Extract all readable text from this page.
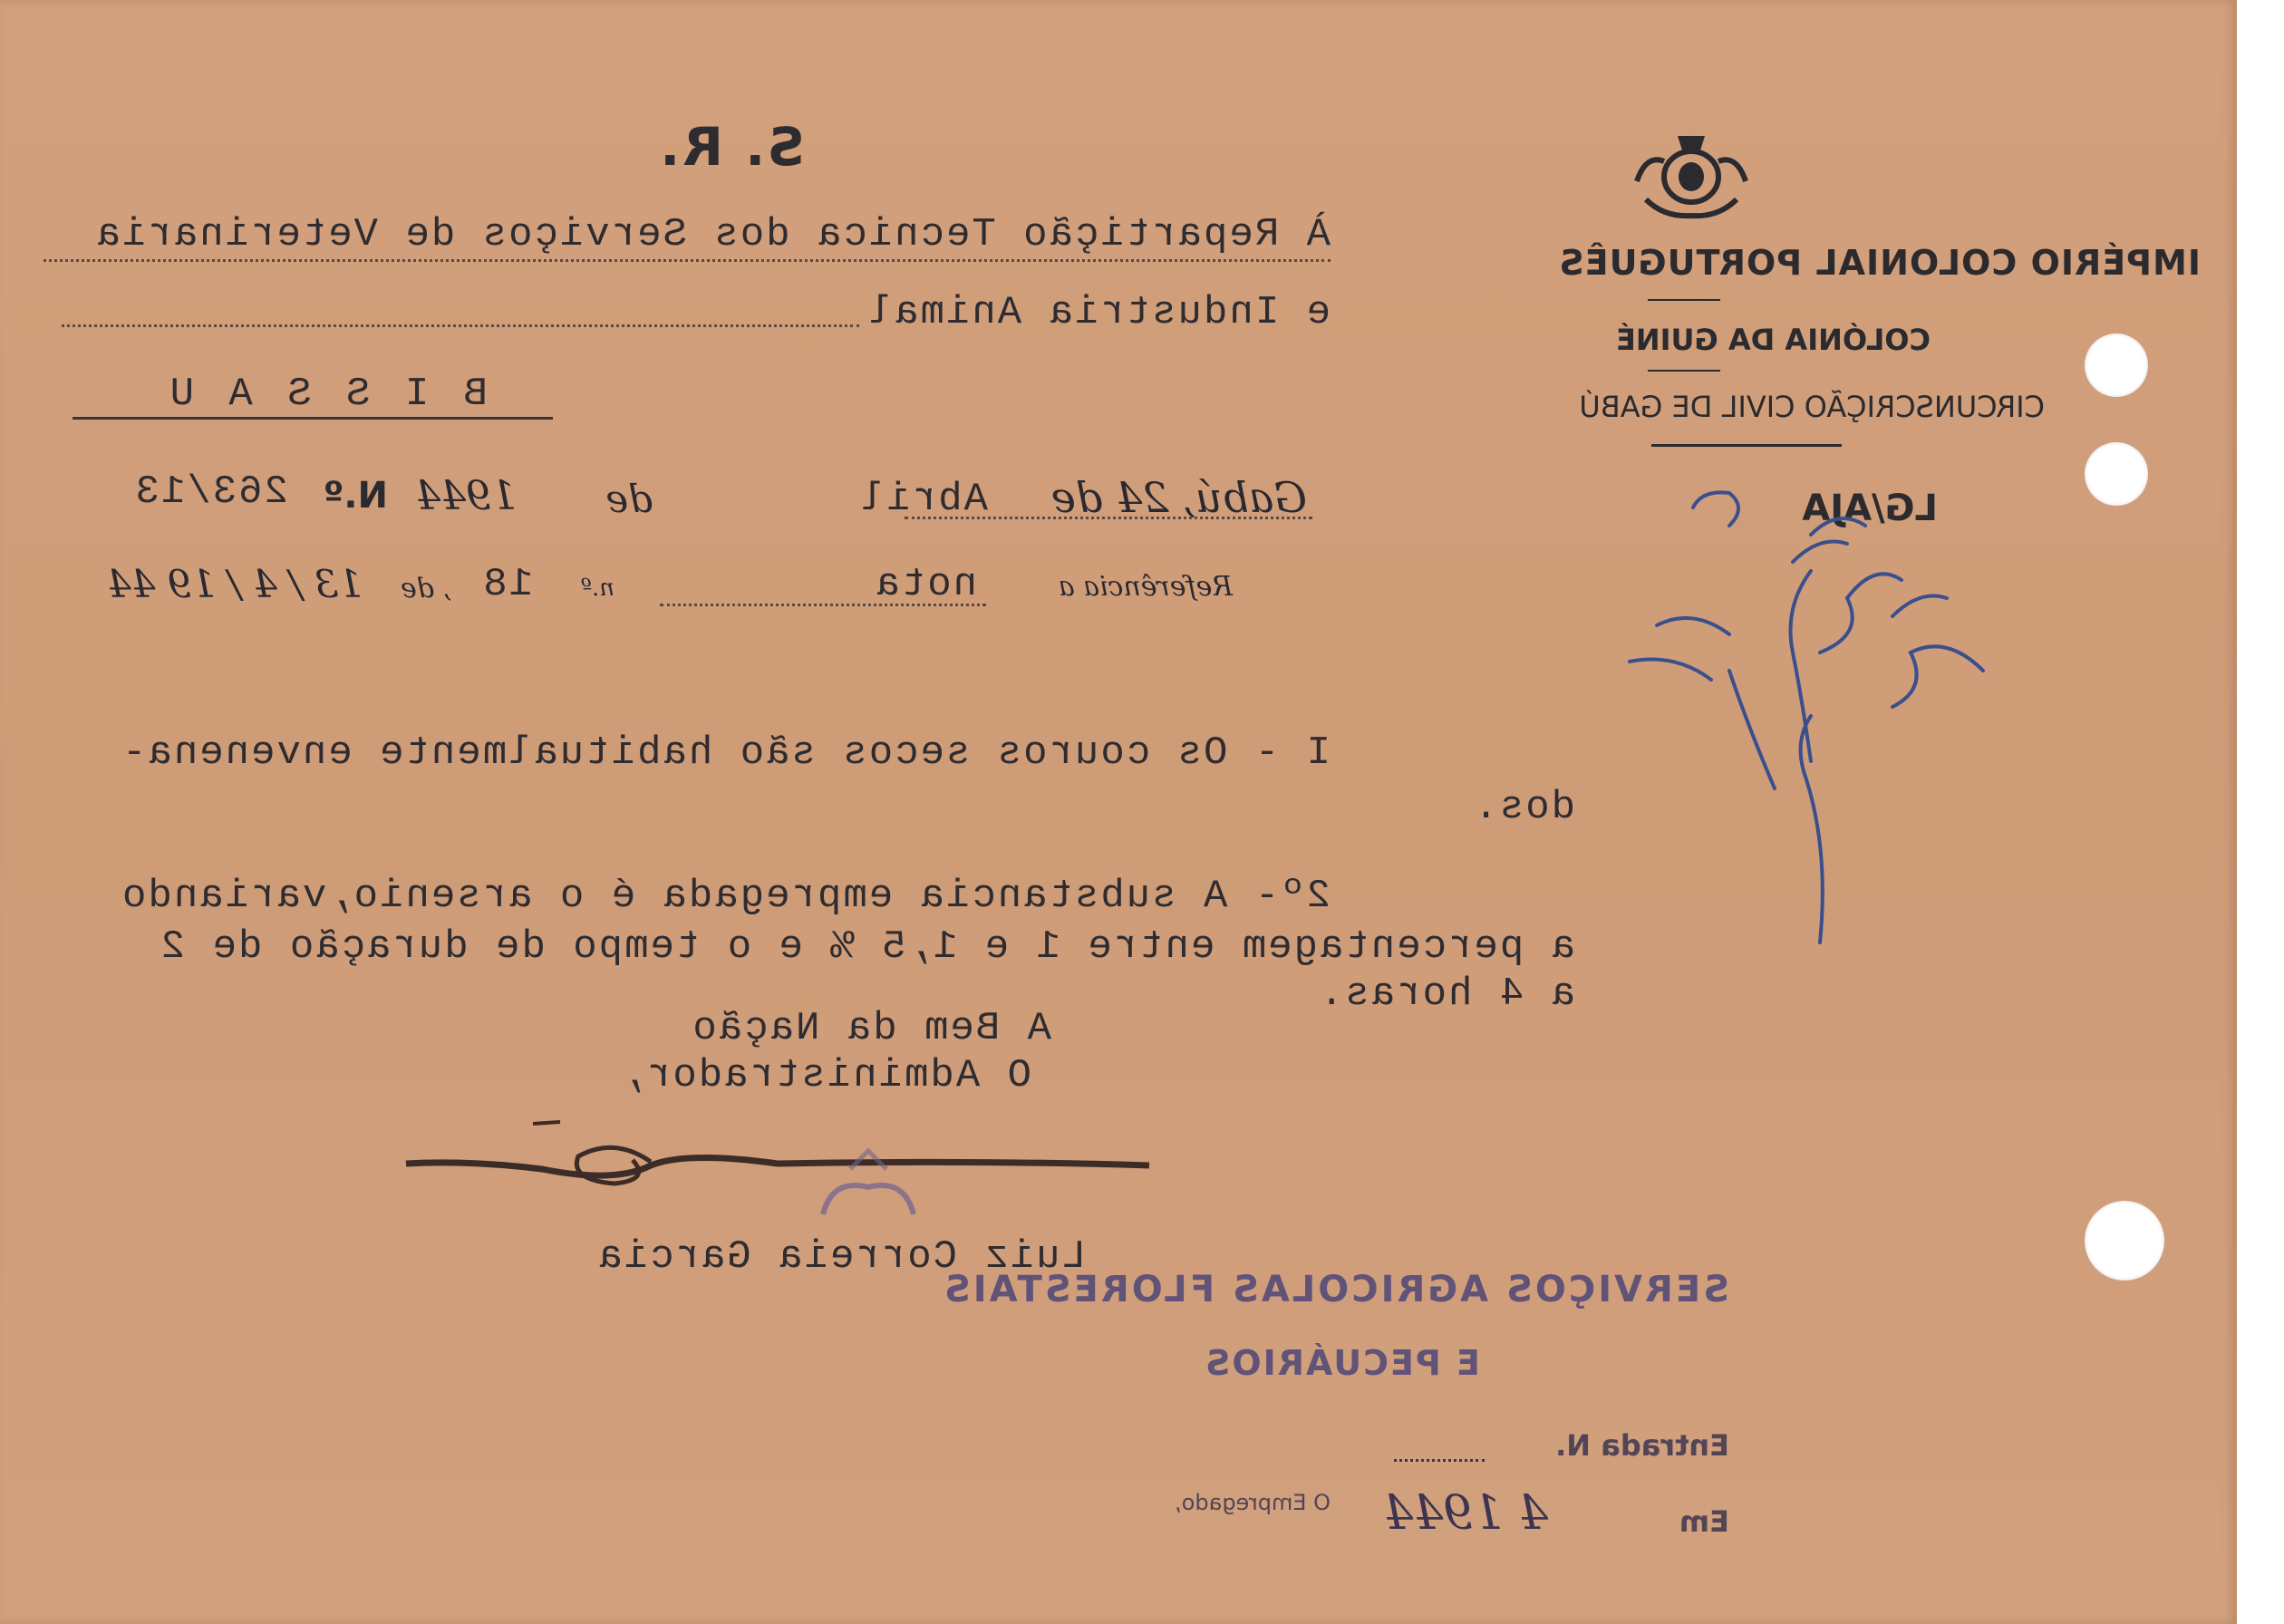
IMPÉRIO COLONIAL PORTUGUÊS
COLÓNIA DA GUINÉ
CIRCUNSCRIÇÃO CIVIL DE GABÚ
LG/AJA
S. R.
À Repartição Tecnica dos Serviços de Veterinaria
e Industria Animal
B I S S A U
Gabú, 24 de
Abril
de
1944
N.º
263/13
Referência a
nota
n.º
18
, de
13 / 4 / 19 44
I - Os couros secos são habitualmente envenena-
dos.
2º- A substancia empregada é o arsenio,variando
a percentagem entre 1 e 1,5 % e o tempo de duração de 2
a 4 horas.
A Bem da Nação
O Administrador,
Luiz Correia Garcia
SERVIÇOS AGRICOLAS FLORESTAIS
E PECUÁRIOS
Entrada N.
Em
4 1944
O Empregado,
